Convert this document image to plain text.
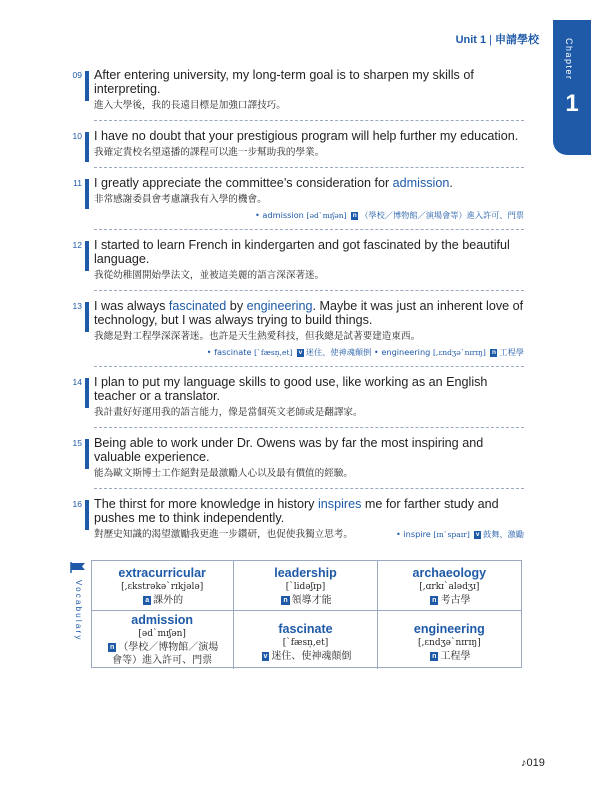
Unit 1 | 申請學校	Chapter
1
09 After entering university, my long-term goal is to sharpen my skills of interpreting.
進入大學後，我的長遠目標是加強口譯技巧。
10 I have no doubt that your prestigious program will help further my education.
我確定貴校名望遠播的課程可以進一步幫助我的學業。
11 I greatly appreciate the committee’s consideration for admission.
非常感謝委員會考慮讓我有入學的機會。
• admission [əd`mɪʃən] n （學校／博物館／演場會等）進入許可、門票
12 I started to learn French in kindergarten and got fascinated by the beautiful language.
我從幼稚園開始學法文，並被這美麗的語言深深著迷。
13 I was always fascinated by engineering. Maybe it was just an inherent love of technology, but I was always trying to build things.
我總是對工程學深深著迷。也許是天生熱愛科技，但我總是試著要建造東西。
• fascinate [`fæsn̩,et] v 迷住、使神魂顛倒 • engineering [,ɛndʒə`nɪrɪŋ] n 工程學
14 I plan to put my language skills to good use, like working as an English teacher or a translator.
我計畫好好運用我的語言能力，像是當個英文老師或是翻譯家。
15 Being able to work under Dr. Owens was by far the most inspiring and valuable experience.
能為歐文斯博士工作絕對是最激勵人心以及最有價值的經驗。
16 The thirst for more knowledge in history inspires me for farther study and pushes me to think independently.
對歷史知識的渴望激勵我更進一步鑽研，也促使我獨立思考。	• inspire [ɪn`spaɪr] v 鼓舞、激勵
Vocabulary
extracurricular
[,ɛkstrəkə`rɪkjələ]
a 課外的
leadership
[`lidəʃɪp]
n 領導才能
archaeology
[,ɑrkɪ`alədʒɪ]
n 考古學
admission
[əd`mɪʃən]
n （學校／博物館／演場會等）進入許可、門票
fascinate
[`fæsn̩,et]
v 迷住、使神魂顛倒
engineering
[,ɛndʒə`nɪrɪŋ]
n 工程學
♪019
